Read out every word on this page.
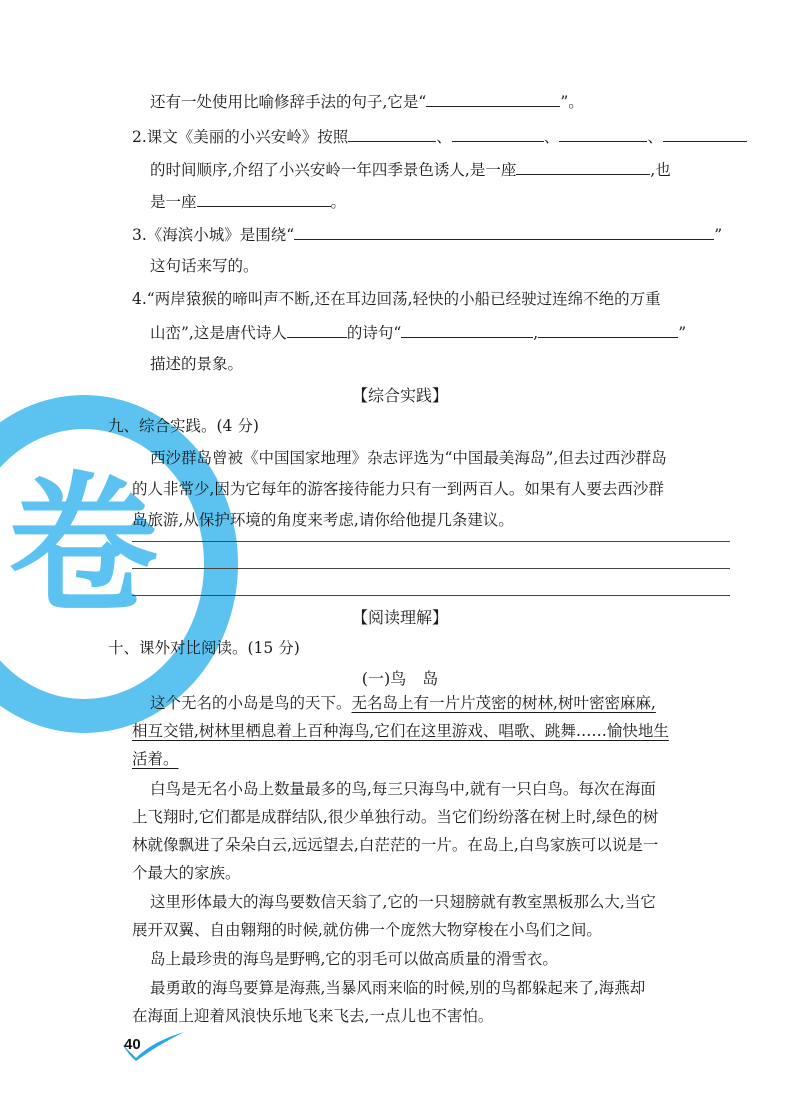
卷
还有一处使用比喻修辞手法的句子,它是“	”。
2.课文《美丽的小兴安岭》按照	、	、	、
的时间顺序,介绍了小兴安岭一年四季景色诱人,是一座	,也
是一座	。
3.《海滨小城》是围绕“	”
这句话来写的。
4.“两岸猿猴的啼叫声不断,还在耳边回荡,轻快的小船已经驶过连绵不绝的万重
山峦”,这是唐代诗人	的诗句“	,	”
描述的景象。
【综合实践】
九、综合实践。(4 分)
西沙群岛曾被《中国国家地理》杂志评选为“中国最美海岛”,但去过西沙群岛
的人非常少,因为它每年的游客接待能力只有一到两百人。如果有人要去西沙群
岛旅游,从保护环境的角度来考虑,请你给他提几条建议。
【阅读理解】
十、课外对比阅读。(15 分)
(一)鸟　岛
这个无名的小岛是鸟的天下。无名岛上有一片片茂密的树林,树叶密密麻麻,
相互交错,树林里栖息着上百种海鸟,它们在这里游戏、唱歌、跳舞……愉快地生
活着。
白鸟是无名小岛上数量最多的鸟,每三只海鸟中,就有一只白鸟。每次在海面
上飞翔时,它们都是成群结队,很少单独行动。当它们纷纷落在树上时,绿色的树
林就像飘进了朵朵白云,远远望去,白茫茫的一片。在岛上,白鸟家族可以说是一
个最大的家族。
这里形体最大的海鸟要数信天翁了,它的一只翅膀就有教室黑板那么大,当它
展开双翼、自由翱翔的时候,就仿佛一个庞然大物穿梭在小鸟们之间。
岛上最珍贵的海鸟是野鸭,它的羽毛可以做高质量的滑雪衣。
最勇敢的海鸟要算是海燕,当暴风雨来临的时候,别的鸟都躲起来了,海燕却
在海面上迎着风浪快乐地飞来飞去,一点儿也不害怕。
40
